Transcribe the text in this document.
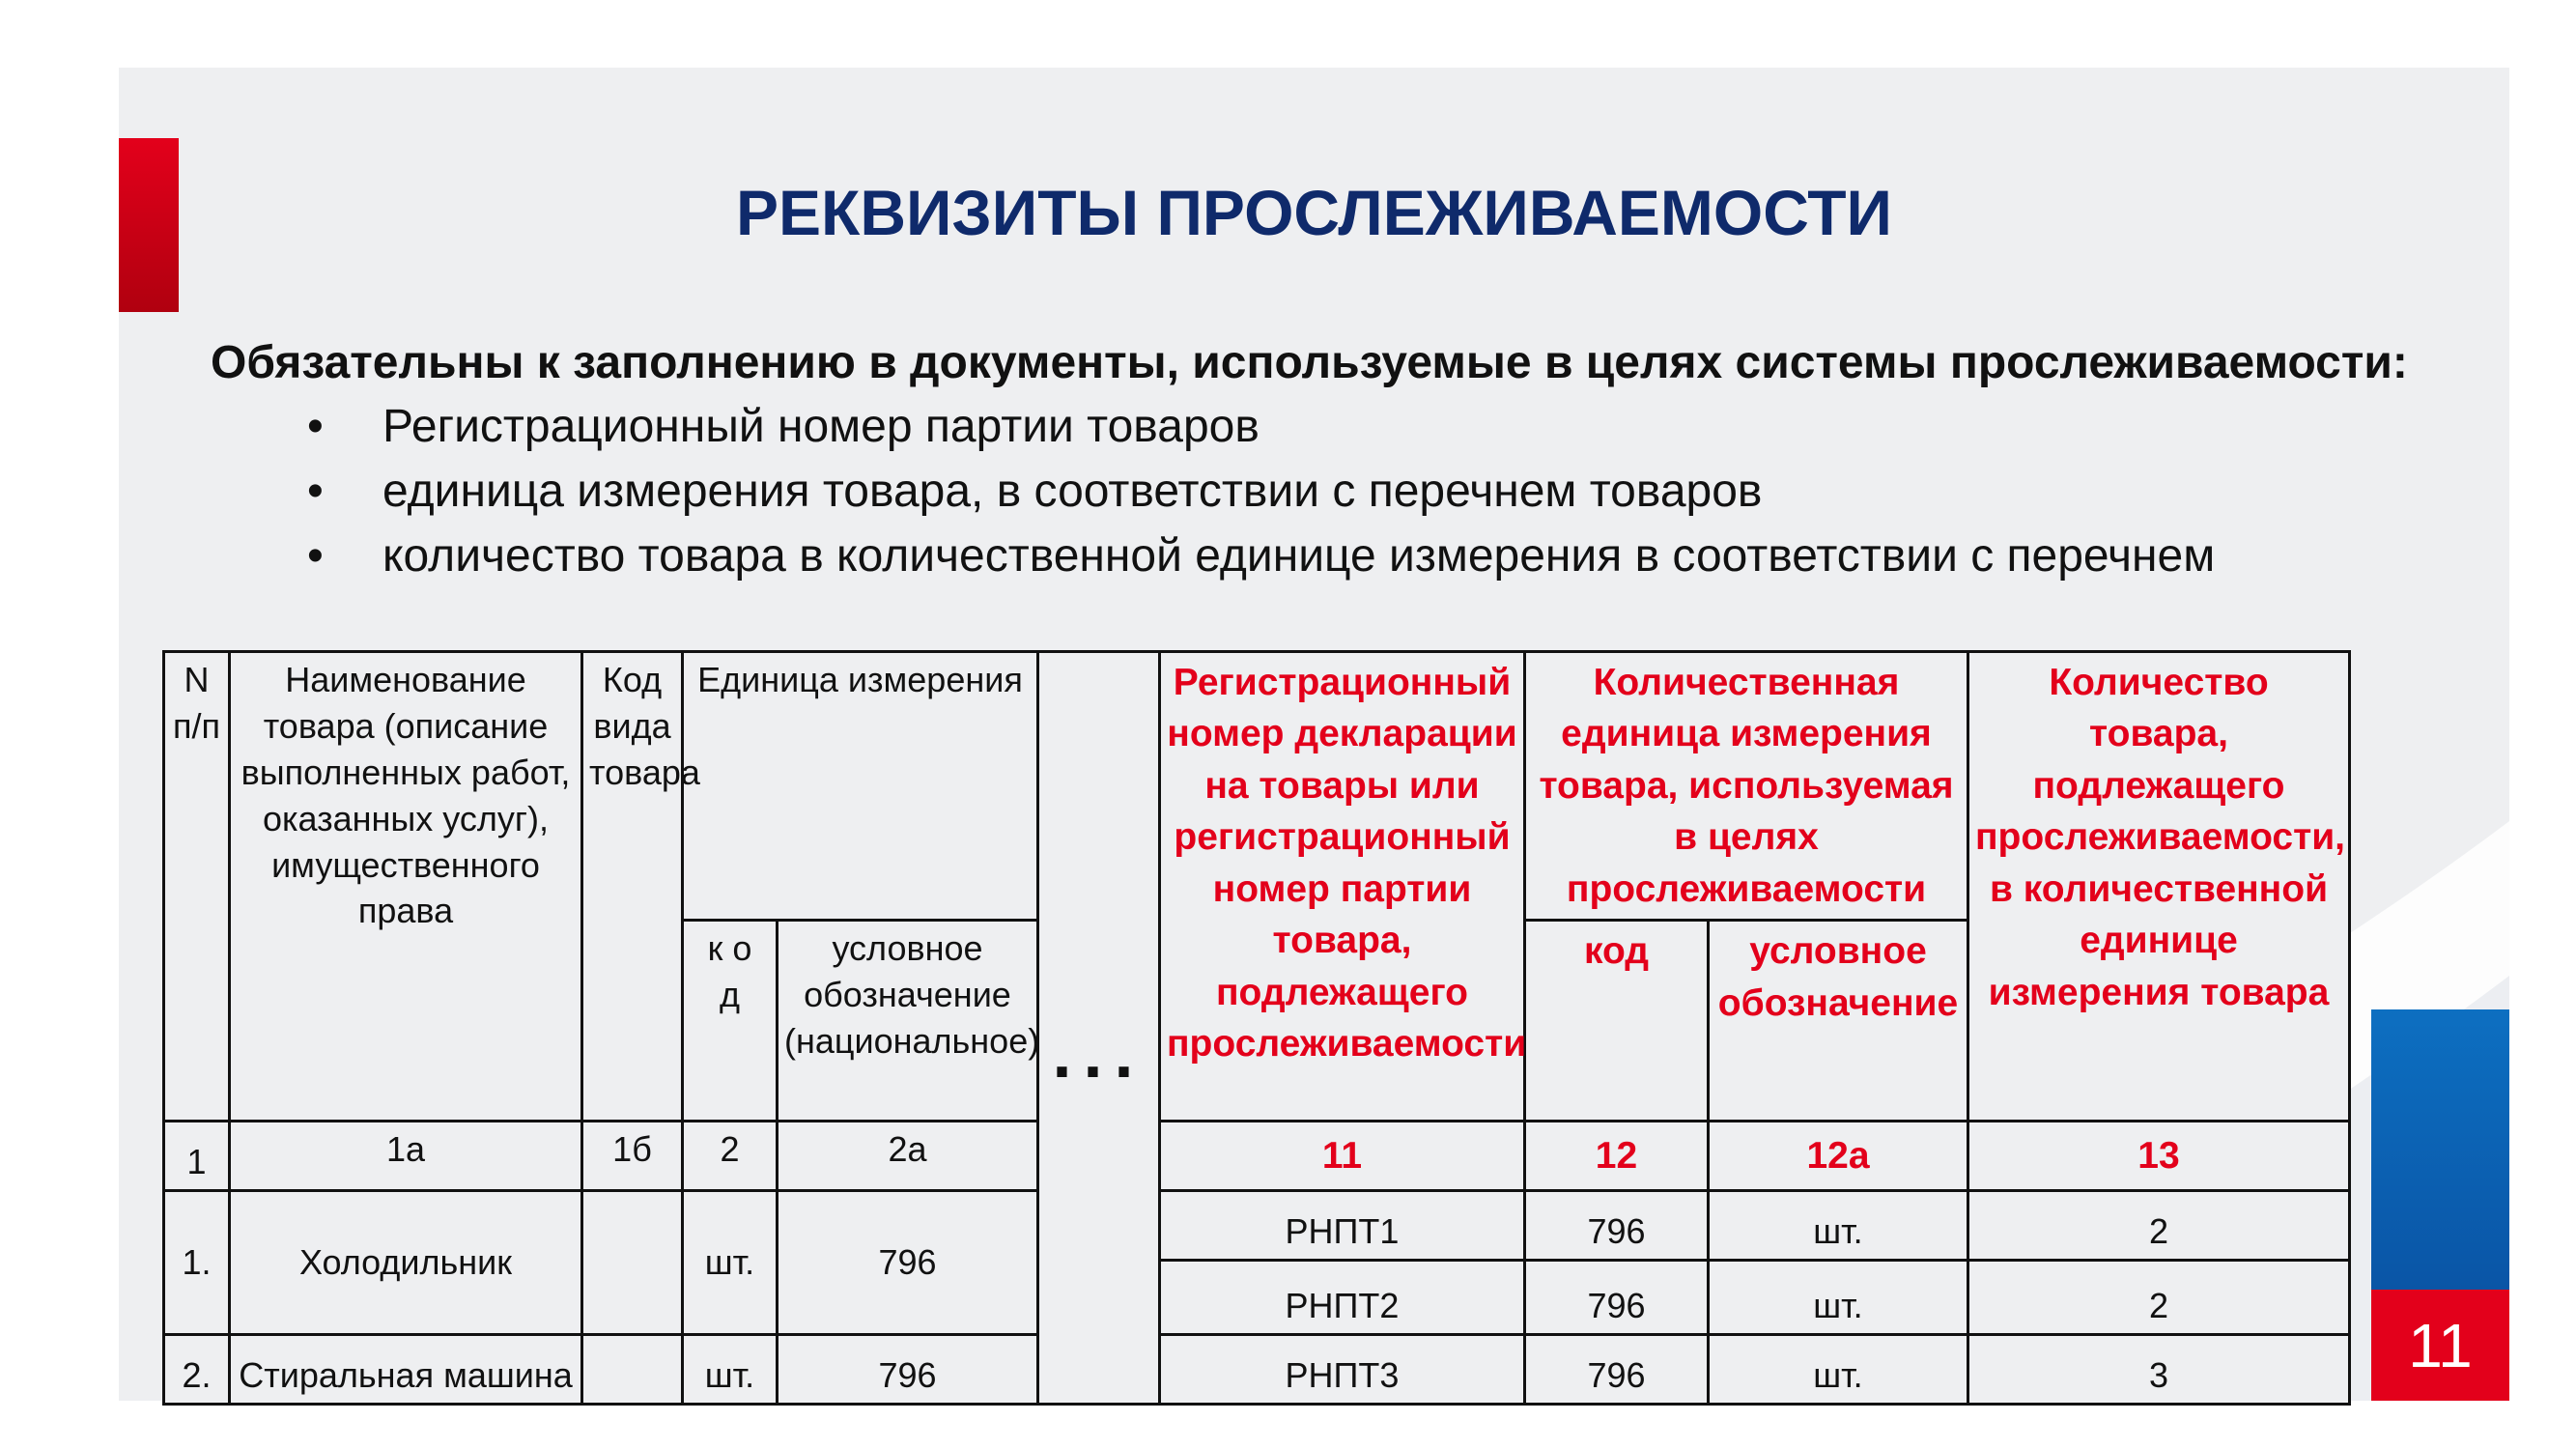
11
РЕКВИЗИТЫ ПРОСЛЕЖИВАЕМОСТИ
Обязательны к заполнению в документы, используемые в целях системы прослеживаемости:
• Регистрационный номер партии товаров
• единица измерения товара, в соответствии с перечнем товаров
• количество товара в количественной единице измерения в соответствии с перечнем
N п/п	Наименование товара (описание выполненных работ, оказанных услуг), имущественного права	Код вида товара	Единица измерения		...	Регистрационный номер декларации на товары или регистрационный номер партии товара, подлежащего прослеживаемости	Количественная единица измерения товара, используемая в целях прослеживаемости		Количество товара, подлежащего прослеживаемости, в количественной единице измерения товара
			к о д	условное обозначение (национальное)			код	условное обозначение	
1	1а	1б	2	2а		11	12	12а	13
1.	Холодильник		шт.	796		РНПТ1	796	шт.	2
						РНПТ2	796	шт.	2
2.	Стиральная машина		шт.	796		РНПТ3	796	шт.	3
